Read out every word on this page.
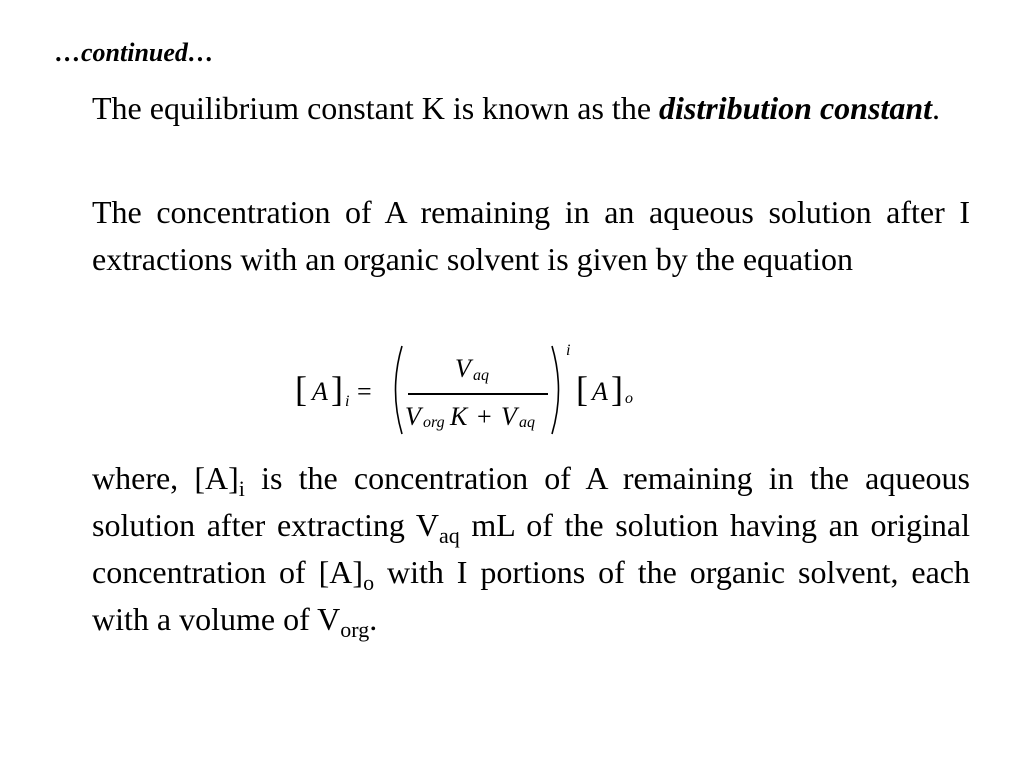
…continued…

The equilibrium constant K is known as the distribution constant.

The concentration of A remaining in an aqueous solution after I extractions with an organic solvent is given by the equation

[ A ] i =
V aq
V org K + V aq
i
[ A ] o

where, $[A]_i$ is the concentration of A remaining in the aqueous solution after extracting $V_{aq}$ mL of the solution having an original concentration of $[A]_o$ with I portions of the organic solvent, each with a volume of $V_{org}$.
